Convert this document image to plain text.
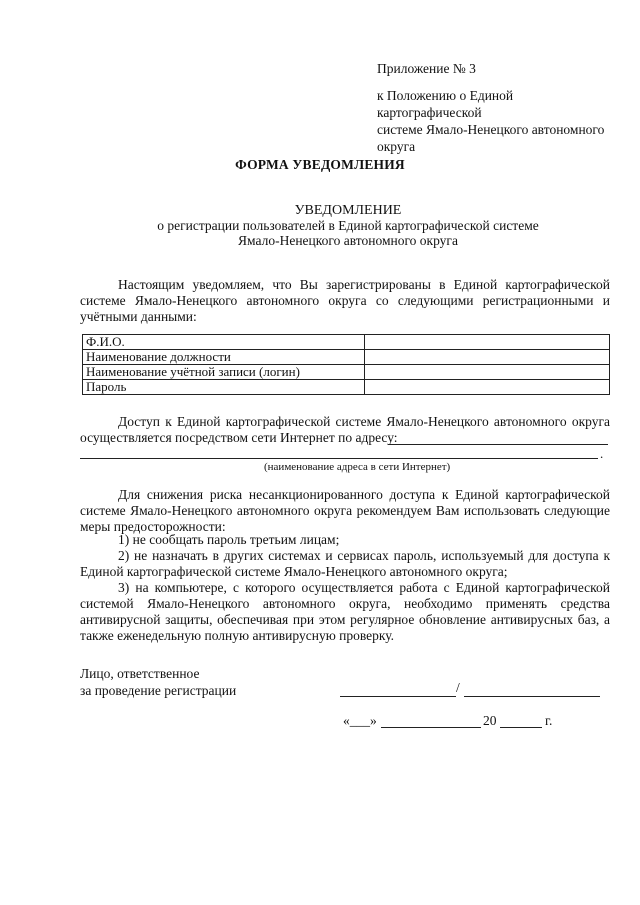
Приложение № 3
к Положению о Единой картографической
системе Ямало-Ненецкого автономного
округа
ФОРМА УВЕДОМЛЕНИЯ
УВЕДОМЛЕНИЕ
о регистрации пользователей в Единой картографической системе
Ямало-Ненецкого автономного округа

Настоящим уведомляем, что Вы зарегистрированы в Единой картографической системе Ямало-Ненецкого автономного округа со следующими регистрационными и учётными данными:

Ф.И.О.	
Наименование должности	
Наименование учётной записи (логин)	
Пароль	

Доступ к Единой картографической системе Ямало-Ненецкого автономного округа осуществляется посредством сети Интернет по адресу:

.
(наименование адреса в сети Интернет)

Для снижения риска несанкционированного доступа к Единой картографической системе Ямало-Ненецкого автономного округа рекомендуем Вам использовать следующие меры предосторожности:

1) не сообщать пароль третьим лицам;

2) не назначать в других системах и сервисах пароль, используемый для доступа к Единой картографической системе Ямало-Ненецкого автономного округа;

3) на компьютере, с которого осуществляется работа с Единой картографической системой Ямало-Ненецкого автономного округа, необходимо применять средства антивирусной защиты, обеспечивая при этом регулярное обновление антивирусных баз, а также еженедельную полную антивирусную проверку.

Лицо, ответственное
за проведение регистрации	/
«___»	20	г.
